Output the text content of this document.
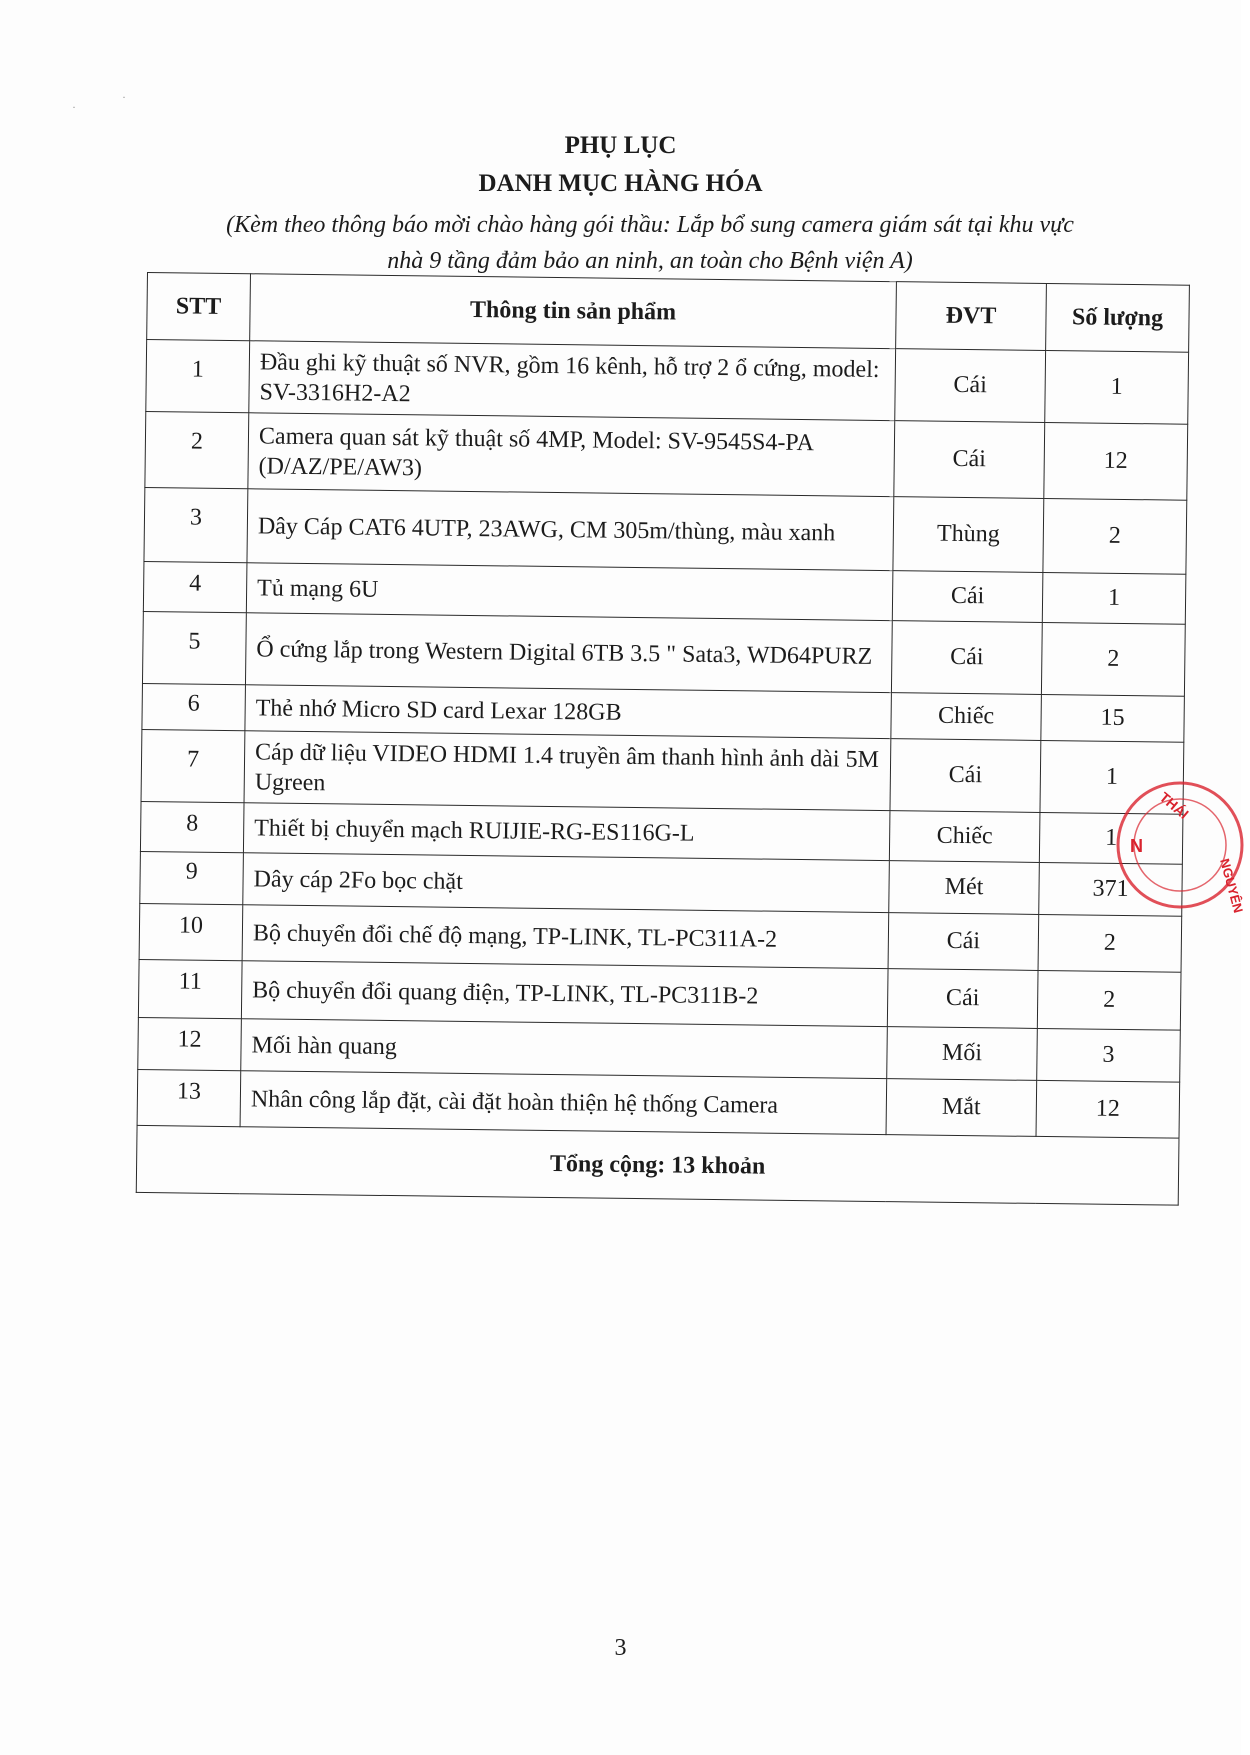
PHỤ LỤC
DANH MỤC HÀNG HÓA
(Kèm theo thông báo mời chào hàng gói thầu: Lắp bổ sung camera giám sát tại khu vực
nhà 9 tầng đảm bảo an ninh, an toàn cho Bệnh viện A)
STT	Thông tin sản phẩm	ĐVT	Số lượng
1	Đầu ghi kỹ thuật số NVR, gồm 16 kênh, hỗ trợ 2 ổ cứng, model: SV-3316H2-A2	Cái	1
2	Camera quan sát kỹ thuật số 4MP, Model: SV-9545S4-PA (D/AZ/PE/AW3)	Cái	12
3	Dây Cáp CAT6 4UTP, 23AWG, CM 305m/thùng, màu xanh	Thùng	2
4	Tủ mạng 6U	Cái	1
5	Ổ cứng lắp trong Western Digital 6TB 3.5 " Sata3, WD64PURZ	Cái	2
6	Thẻ nhớ Micro SD card Lexar 128GB	Chiếc	15
7	Cáp dữ liệu VIDEO HDMI 1.4 truyền âm thanh hình ảnh dài 5M Ugreen	Cái	1
8	Thiết bị chuyển mạch RUIJIE-RG-ES116G-L	Chiếc	1
9	Dây cáp 2Fo bọc chặt	Mét	371
10	Bộ chuyển đổi chế độ mạng, TP-LINK, TL-PC311A-2	Cái	2
11	Bộ chuyển đổi quang điện, TP-LINK, TL-PC311B-2	Cái	2
12	Mối hàn quang	Mối	3
13	Nhân công lắp đặt, cài đặt hoàn thiện hệ thống Camera	Mắt	12
Tổng cộng: 13 khoản			
THÁI
NGUYÊN
N
3
·
·
